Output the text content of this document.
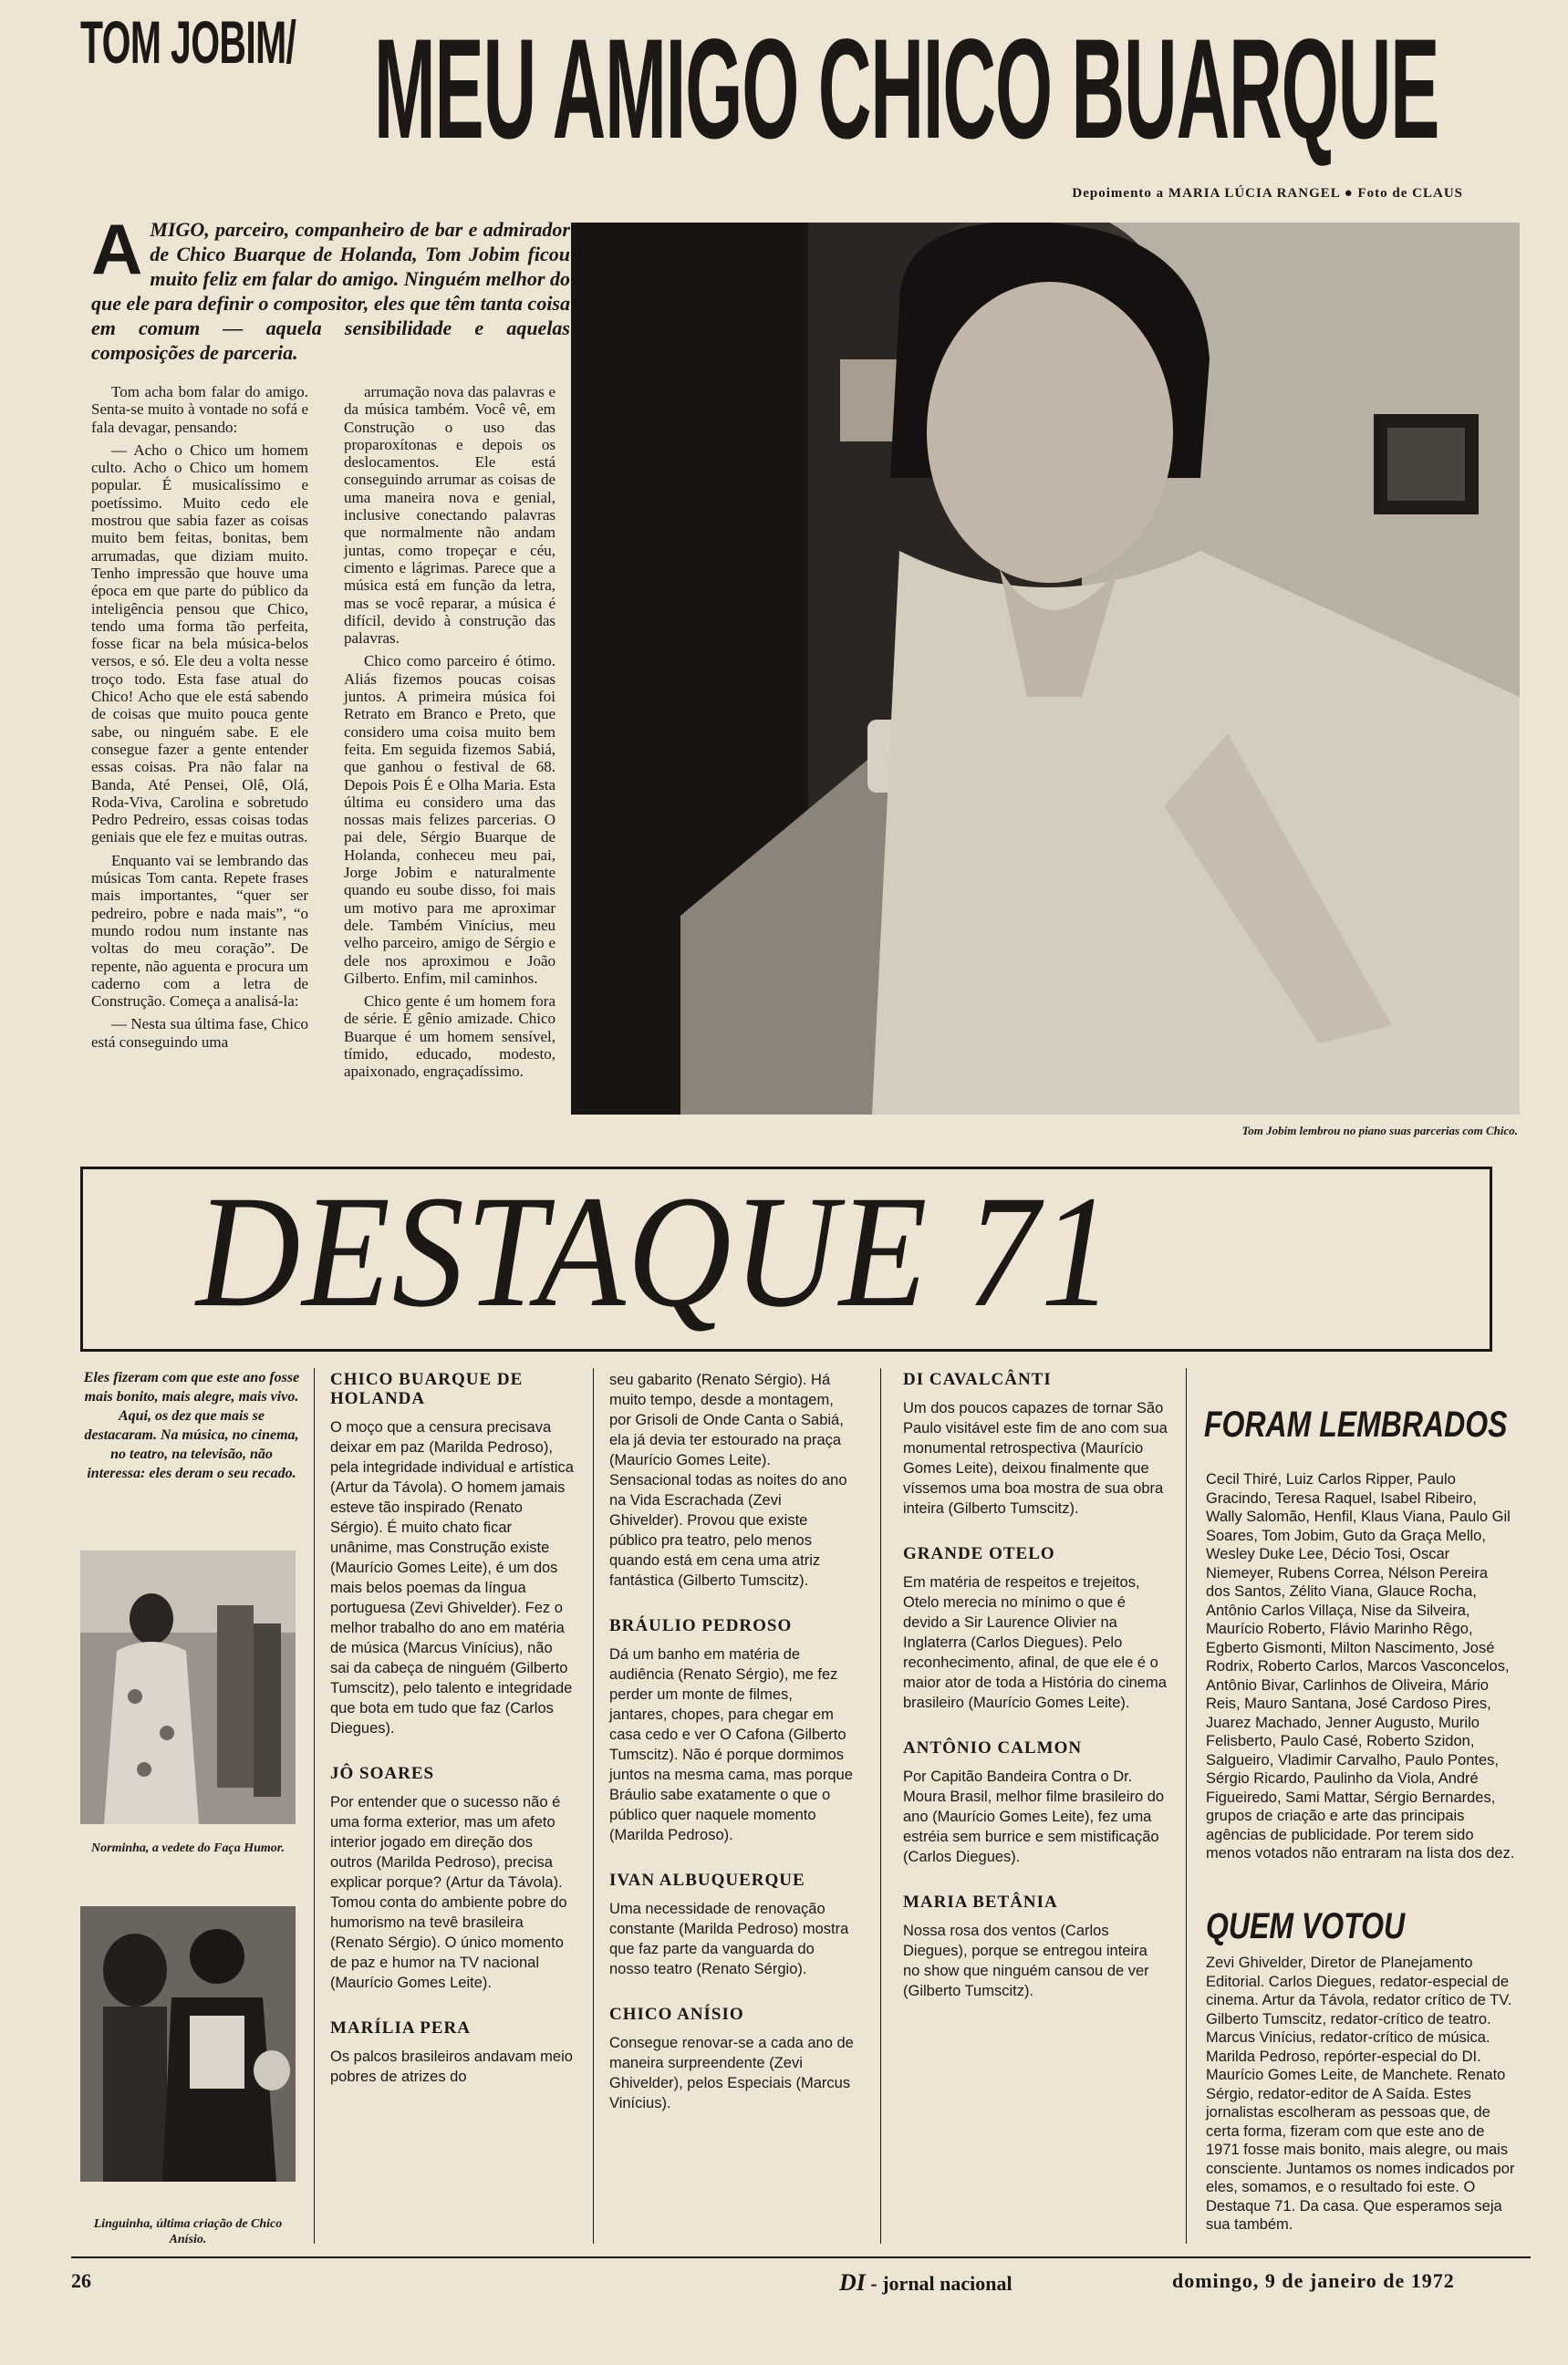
TOM JOBIM/ MEU AMIGO CHICO BUARQUE
Depoimento a MARIA LÚCIA RANGEL ● Foto de CLAUS
AMIGO, parceiro, companheiro de bar e admirador de Chico Buarque de Holanda, Tom Jobim ficou muito feliz em falar do amigo. Ninguém melhor do que ele para definir o compositor, eles que têm tanta coisa em comum — aquela sensibilidade e aquelas composições de parceria.

Tom acha bom falar do amigo. Senta-se muito à vontade no sofá e fala devagar, pensando:

— Acho o Chico um homem culto. Acho o Chico um homem popular. É musicalíssimo e poetíssimo. Muito cedo ele mostrou que sabia fazer as coisas muito bem feitas, bonitas, bem arrumadas, que diziam muito. Tenho impressão que houve uma época em que parte do público da inteligência pensou que Chico, tendo uma forma tão perfeita, fosse ficar na bela música-belos versos, e só. Ele deu a volta nesse troço todo. Esta fase atual do Chico! Acho que ele está sabendo de coisas que muito pouca gente sabe, ou ninguém sabe. E ele consegue fazer a gente entender essas coisas. Pra não falar na Banda, Até Pensei, Olê, Olá, Roda-Viva, Carolina e sobretudo Pedro Pedreiro, essas coisas todas geniais que ele fez e muitas outras.

Enquanto vai se lembrando das músicas Tom canta. Repete frases mais importantes, “quer ser pedreiro, pobre e nada mais”, “o mundo rodou num instante nas voltas do meu coração”. De repente, não aguenta e procura um caderno com a letra de Construção. Começa a analisá-la:

— Nesta sua última fase, Chico está conseguindo uma

arrumação nova das palavras e da música também. Você vê, em Construção o uso das proparoxítonas e depois os deslocamentos. Ele está conseguindo arrumar as coisas de uma maneira nova e genial, inclusive conectando palavras que normalmente não andam juntas, como tropeçar e céu, cimento e lágrimas. Parece que a música está em função da letra, mas se você reparar, a música é difícil, devido à construção das palavras.

Chico como parceiro é ótimo. Aliás fizemos poucas coisas juntos. A primeira música foi Retrato em Branco e Preto, que considero uma coisa muito bem feita. Em seguida fizemos Sabiá, que ganhou o festival de 68. Depois Pois É e Olha Maria. Esta última eu considero uma das nossas mais felizes parcerias. O pai dele, Sérgio Buarque de Holanda, conheceu meu pai, Jorge Jobim e naturalmente quando eu soube disso, foi mais um motivo para me aproximar dele. Também Vinícius, meu velho parceiro, amigo de Sérgio e dele nos aproximou e João Gilberto. Enfim, mil caminhos.

Chico gente é um homem fora de série. É gênio amizade. Chico Buarque é um homem sensível, tímido, educado, modesto, apaixonado, engraçadíssimo.

Tom Jobim lembrou no piano suas parcerias com Chico.
DESTAQUE 71
Eles fizeram com que este ano fosse mais bonito, mais alegre, mais vivo. Aqui, os dez que mais se destacaram. Na música, no cinema, no teatro, na televisão, não interessa: eles deram o seu recado.
Norminha, a vedete do Faça Humor.
Linguinha, última criação de Chico Anísio.
CHICO BUARQUE DE HOLANDA

O moço que a censura precisava deixar em paz (Marilda Pedroso), pela integridade individual e artística (Artur da Távola). O homem jamais esteve tão inspirado (Renato Sérgio). É muito chato ficar unânime, mas Construção existe (Maurício Gomes Leite), é um dos mais belos poemas da língua portuguesa (Zevi Ghivelder). Fez o melhor trabalho do ano em matéria de música (Marcus Vinícius), não sai da cabeça de ninguém (Gilberto Tumscitz), pelo talento e integridade que bota em tudo que faz (Carlos Diegues).

JÔ SOARES

Por entender que o sucesso não é uma forma exterior, mas um afeto interior jogado em direção dos outros (Marilda Pedroso), precisa explicar porque? (Artur da Távola). Tomou conta do ambiente pobre do humorismo na tevê brasileira (Renato Sérgio). O único momento de paz e humor na TV nacional (Maurício Gomes Leite).

MARÍLIA PERA

Os palcos brasileiros andavam meio pobres de atrizes do

seu gabarito (Renato Sérgio). Há muito tempo, desde a montagem, por Grisoli de Onde Canta o Sabiá, ela já devia ter estourado na praça (Maurício Gomes Leite). Sensacional todas as noites do ano na Vida Escrachada (Zevi Ghivelder). Provou que existe público pra teatro, pelo menos quando está em cena uma atriz fantástica (Gilberto Tumscitz).

BRÁULIO PEDROSO

Dá um banho em matéria de audiência (Renato Sérgio), me fez perder um monte de filmes, jantares, chopes, para chegar em casa cedo e ver O Cafona (Gilberto Tumscitz). Não é porque dormimos juntos na mesma cama, mas porque Bráulio sabe exatamente o que o público quer naquele momento (Marilda Pedroso).

IVAN ALBUQUERQUE

Uma necessidade de renovação constante (Marilda Pedroso) mostra que faz parte da vanguarda do nosso teatro (Renato Sérgio).

CHICO ANÍSIO

Consegue renovar-se a cada ano de maneira surpreendente (Zevi Ghivelder), pelos Especiais (Marcus Vinícius).

DI CAVALCÂNTI

Um dos poucos capazes de tornar São Paulo visitável este fim de ano com sua monumental retrospectiva (Maurício Gomes Leite), deixou finalmente que víssemos uma boa mostra de sua obra inteira (Gilberto Tumscitz).

GRANDE OTELO

Em matéria de respeitos e trejeitos, Otelo merecia no mínimo o que é devido a Sir Laurence Olivier na Inglaterra (Carlos Diegues). Pelo reconhecimento, afinal, de que ele é o maior ator de toda a História do cinema brasileiro (Maurício Gomes Leite).

ANTÔNIO CALMON

Por Capitão Bandeira Contra o Dr. Moura Brasil, melhor filme brasileiro do ano (Maurício Gomes Leite), fez uma estréia sem burrice e sem mistificação (Carlos Diegues).

MARIA BETÂNIA

Nossa rosa dos ventos (Carlos Diegues), porque se entregou inteira no show que ninguém cansou de ver (Gilberto Tumscitz).

FORAM LEMBRADOS
Cecil Thiré, Luiz Carlos Ripper, Paulo Gracindo, Teresa Raquel, Isabel Ribeiro, Wally Salomão, Henfil, Klaus Viana, Paulo Gil Soares, Tom Jobim, Guto da Graça Mello, Wesley Duke Lee, Décio Tosi, Oscar Niemeyer, Rubens Correa, Nélson Pereira dos Santos, Zélito Viana, Glauce Rocha, Antônio Carlos Villaça, Nise da Silveira, Maurício Roberto, Flávio Marinho Rêgo, Egberto Gismonti, Milton Nascimento, José Rodrix, Roberto Carlos, Marcos Vasconcelos, Antônio Bivar, Carlinhos de Oliveira, Mário Reis, Mauro Santana, José Cardoso Pires, Juarez Machado, Jenner Augusto, Murilo Felisberto, Paulo Casé, Roberto Szidon, Salgueiro, Vladimir Carvalho, Paulo Pontes, Sérgio Ricardo, Paulinho da Viola, André Figueiredo, Sami Mattar, Sérgio Bernardes, grupos de criação e arte das principais agências de publicidade. Por terem sido menos votados não entraram na lista dos dez.
QUEM VOTOU
Zevi Ghivelder, Diretor de Planejamento Editorial. Carlos Diegues, redator-especial de cinema. Artur da Távola, redator crítico de TV. Gilberto Tumscitz, redator-crítico de teatro. Marcus Vinícius, redator-crítico de música. Marilda Pedroso, repórter-especial do DI. Maurício Gomes Leite, de Manchete. Renato Sérgio, redator-editor de A Saída. Estes jornalistas escolheram as pessoas que, de certa forma, fizeram com que este ano de 1971 fosse mais bonito, mais alegre, ou mais consciente. Juntamos os nomes indicados por eles, somamos, e o resultado foi este. O Destaque 71. Da casa. Que esperamos seja sua também.
26	DI - jornal nacional	domingo, 9 de janeiro de 1972
